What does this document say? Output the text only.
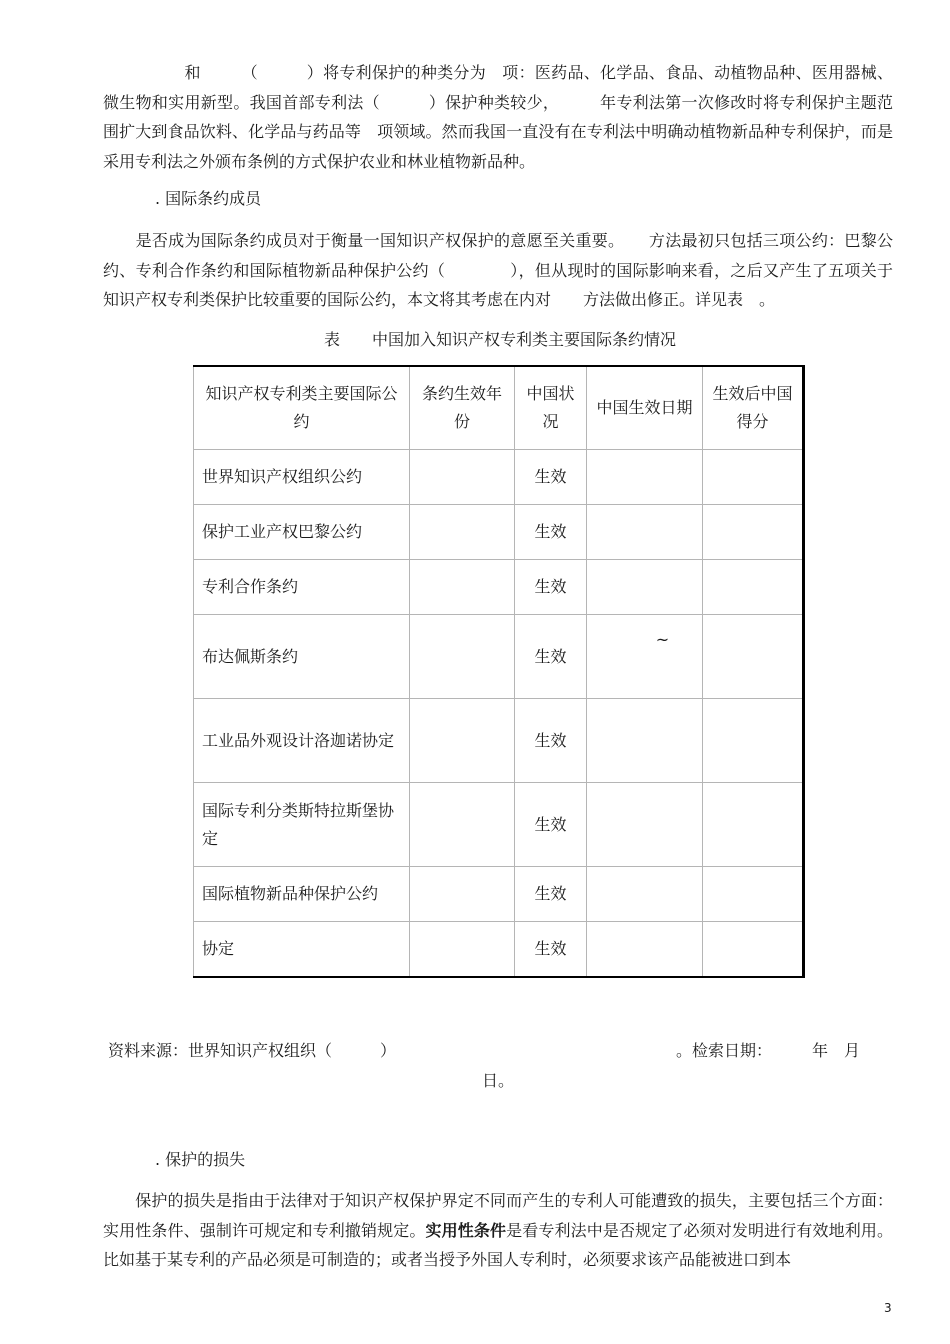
　　　　　和　　　（　　　）将专利保护的种类分为　项：医药品、化学品、食品、动植物品种、医用器械、微生物和实用新型。我国首部专利法（　　　）保护种类较少，　　　年专利法第一次修改时将专利保护主题范围扩大到食品饮料、化学品与药品等　项领域。然而我国一直没有在专利法中明确动植物新品种专利保护，而是采用专利法之外颁布条例的方式保护农业和林业植物新品种。

. 国际条约成员

　　是否成为国际条约成员对于衡量一国知识产权保护的意愿至关重要。　　方法最初只包括三项公约：巴黎公约、专利合作条约和国际植物新品种保护公约（　　　　），但从现时的国际影响来看，之后又产生了五项关于知识产权专利类保护比较重要的国际公约，本文将其考虑在内对　　方法做出修正。详见表　。

表　　中国加入知识产权专利类主要国际条约情况
知识产权专利类主要国际公约	条约生效年份	中国状况	中国生效日期	生效后中国得分
世界知识产权组织公约		生效		
保护工业产权巴黎公约		生效		
专利合作条约		生效		
布达佩斯条约		生效	~	
工业品外观设计洛迦诺协定		生效		
国际专利分类斯特拉斯堡协定		生效		
国际植物新品种保护公约		生效		
协定		生效		
资料来源：世界知识产权组织（　　　）　　　　　　　　　　　　　　　　　　。检索日期：　　　年　月
日。

. 保护的损失

　　保护的损失是指由于法律对于知识产权保护界定不同而产生的专利人可能遭致的损失，主要包括三个方面：实用性条件、强制许可规定和专利撤销规定。实用性条件是看专利法中是否规定了必须对发明进行有效地利用。比如基于某专利的产品必须是可制造的；或者当授予外国人专利时，必须要求该产品能被进口到本

3
